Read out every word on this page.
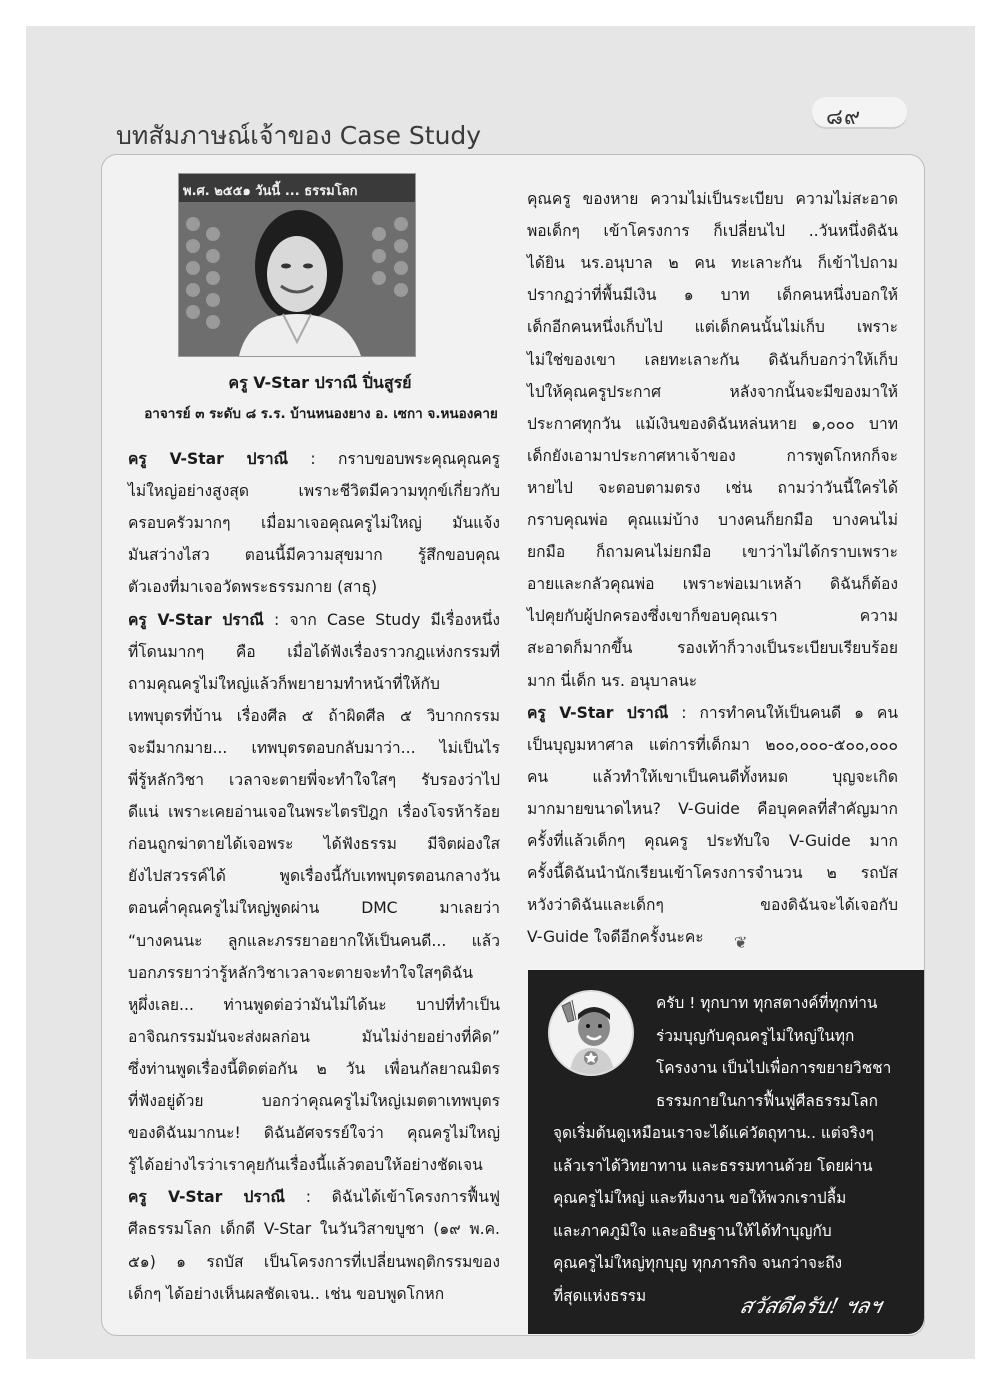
๘๙
บทสัมภาษณ์เจ้าของ Case Study
พ.ศ. ๒๕๕๑ วันนี้ ... ธรรมโลก
ครู V-Star ปราณี ปิ่นสูรย์
อาจารย์ ๓ ระดับ ๘ ร.ร. บ้านหนองยาง อ. เซกา จ.หนองคาย
ครู V-Star ปราณี : กราบขอบพระคุณคุณครู
ไม่ใหญ่อย่างสูงสุด เพราะชีวิตมีความทุกข์เกี่ยวกับ
ครอบครัวมากๆ เมื่อมาเจอคุณครูไม่ใหญ่ มันแจ้ง
มันสว่างไสว ตอนนี้มีความสุขมาก รู้สึกขอบคุณ
ตัวเองที่มาเจอวัดพระธรรมกาย (สาธุ)
ครู V-Star ปราณี : จาก Case Study มีเรื่องหนึ่ง
ที่โดนมากๆ คือ เมื่อได้ฟังเรื่องราวกฎแห่งกรรมที่
ถามคุณครูไม่ใหญ่แล้วก็พยายามทำหน้าที่ให้กับ
เทพบุตรที่บ้าน เรื่องศีล ๕ ถ้าผิดศีล ๕ วิบากกรรม
จะมีมากมาย... เทพบุตรตอบกลับมาว่า... ไม่เป็นไร
พี่รู้หลักวิชา เวลาจะตายพี่จะทำใจใสๆ รับรองว่าไป
ดีแน่ เพราะเคยอ่านเจอในพระไตรปิฎก เรื่องโจรห้าร้อย
ก่อนถูกฆ่าตายได้เจอพระ ได้ฟังธรรม มีจิตผ่องใส
ยังไปสวรรค์ได้ พูดเรื่องนี้กับเทพบุตรตอนกลางวัน
ตอนค่ำคุณครูไม่ใหญ่พูดผ่าน DMC มาเลยว่า
“บางคนนะ ลูกและภรรยาอยากให้เป็นคนดี... แล้ว
บอกภรรยาว่ารู้หลักวิชาเวลาจะตายจะทำใจใสๆดิฉัน
หูผึ่งเลย... ท่านพูดต่อว่ามันไม่ได้นะ บาปที่ทำเป็น
อาจิณกรรมมันจะส่งผลก่อน มันไม่ง่ายอย่างที่คิด”
ซึ่งท่านพูดเรื่องนี้ติดต่อกัน ๒ วัน เพื่อนกัลยาณมิตร
ที่ฟังอยู่ด้วย บอกว่าคุณครูไม่ใหญ่เมตตาเทพบุตร
ของดิฉันมากนะ! ดิฉันอัศจรรย์ใจว่า คุณครูไม่ใหญ่
รู้ได้อย่างไรว่าเราคุยกันเรื่องนี้แล้วตอบให้อย่างชัดเจน
ครู V-Star ปราณี : ดิฉันได้เข้าโครงการฟื้นฟู
ศีลธรรมโลก เด็กดี V-Star ในวันวิสาขบูชา (๑๙ พ.ค.
๕๑) ๑ รถบัส เป็นโครงการที่เปลี่ยนพฤติกรรมของ
เด็กๆ ได้อย่างเห็นผลชัดเจน.. เช่น ขอบพูดโกหก
คุณครู ของหาย ความไม่เป็นระเบียบ ความไม่สะอาด
พอเด็กๆ เข้าโครงการ ก็เปลี่ยนไป ..วันหนึ่งดิฉัน
ได้ยิน นร.อนุบาล ๒ คน ทะเลาะกัน ก็เข้าไปถาม
ปรากฏว่าที่พื้นมีเงิน ๑ บาท เด็กคนหนึ่งบอกให้
เด็กอีกคนหนึ่งเก็บไป แต่เด็กคนนั้นไม่เก็บ เพราะ
ไม่ใช่ของเขา เลยทะเลาะกัน ดิฉันก็บอกว่าให้เก็บ
ไปให้คุณครูประกาศ หลังจากนั้นจะมีของมาให้
ประกาศทุกวัน แม้เงินของดิฉันหล่นหาย ๑,๐๐๐ บาท
เด็กยังเอามาประกาศหาเจ้าของ การพูดโกหกก็จะ
หายไป จะตอบตามตรง เช่น ถามว่าวันนี้ใครได้
กราบคุณพ่อ คุณแม่บ้าง บางคนก็ยกมือ บางคนไม่
ยกมือ ก็ถามคนไม่ยกมือ เขาว่าไม่ได้กราบเพราะ
อายและกลัวคุณพ่อ เพราะพ่อเมาเหล้า ดิฉันก็ต้อง
ไปคุยกับผู้ปกครองซึ่งเขาก็ขอบคุณเรา ความ
สะอาดก็มากขึ้น รองเท้าก็วางเป็นระเบียบเรียบร้อย
มาก นี่เด็ก นร. อนุบาลนะ
ครู V-Star ปราณี : การทำคนให้เป็นคนดี ๑ คน
เป็นบุญมหาศาล แต่การที่เด็กมา ๒๐๐,๐๐๐-๕๐๐,๐๐๐
คน แล้วทำให้เขาเป็นคนดีทั้งหมด บุญจะเกิด
มากมายขนาดไหน? V-Guide คือบุคคลที่สำคัญมาก
ครั้งที่แล้วเด็กๆ คุณครู ประทับใจ V-Guide มาก
ครั้งนี้ดิฉันนำนักเรียนเข้าโครงการจำนวน ๒ รถบัส
หวังว่าดิฉันและเด็กๆ ของดิฉันจะได้เจอกับ
V-Guide ใจดีอีกครั้งนะคะ	❦
สวัสดีครับ! ฯลฯ
ครับ ! ทุกบาท ทุกสตางค์ที่ทุกท่าน
ร่วมบุญกับคุณครูไม่ใหญ่ในทุก
โครงงาน เป็นไปเพื่อการขยายวิชชา
ธรรมกายในการฟื้นฟูศีลธรรมโลก
จุดเริ่มต้นดูเหมือนเราจะได้แค่วัตถุทาน.. แต่จริงๆ
แล้วเราได้วิทยาทาน และธรรมทานด้วย โดยผ่าน
คุณครูไม่ใหญ่ และทีมงาน ขอให้พวกเราปลื้ม
และภาคภูมิใจ และอธิษฐานให้ได้ทำบุญกับ
คุณครูไม่ใหญ่ทุกบุญ ทุกภารกิจ จนกว่าจะถึง
ที่สุดแห่งธรรม
